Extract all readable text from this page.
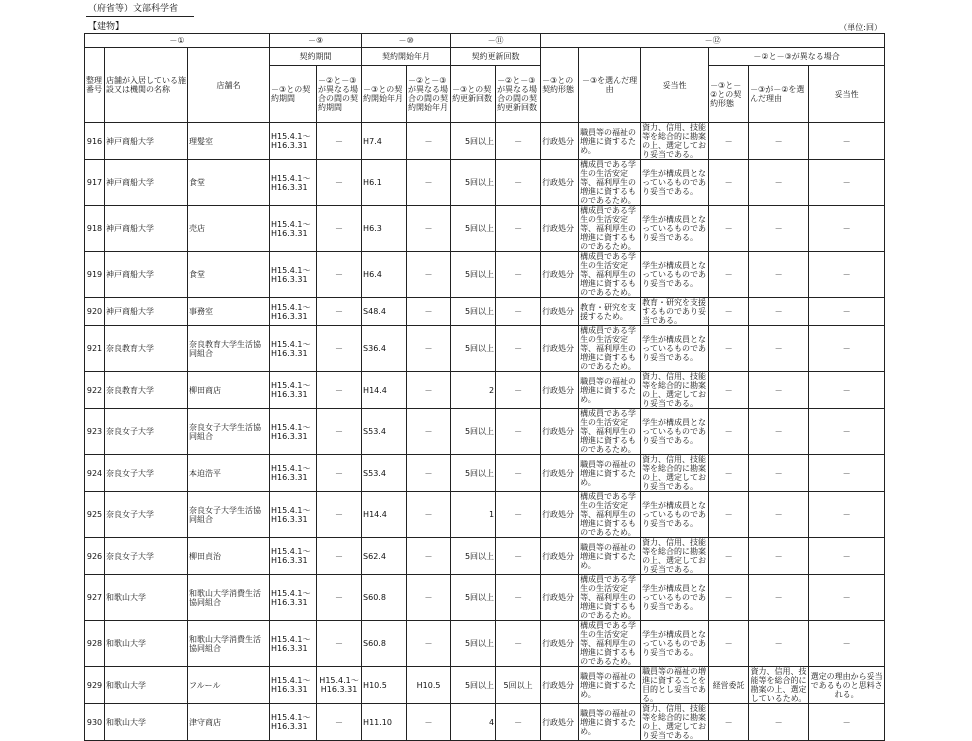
（府省等）文部科学省
【建物】	（単位:回）
－①			－⑨		－⑩		－⑪		－⑫					
整理番号	店舗が入居している施設又は機関の名称	店舗名	契約期間		契約開始年月		契約更新回数		－③との契約形態	－③を選んだ理由	妥当性	－②と－③が異なる場合		
			－③との契約期間	－②と－③が異なる場合の間の契約期間	－③との契約開始年月	－②と－③が異なる場合の間の契約開始年月	－③との契約更新回数	－②と－③が異なる場合の間の契約更新回数				－③と－②との契約形態	－③が－②を選んだ理由	妥当性
916	神戸商船大学	理髪室	H15.4.1～H16.3.31	－	H7.4	－	5回以上	－	行政処分	職員等の福祉の増進に資するため。	資力、信用、技能等を総合的に勘案の上、選定しており妥当である。	－	－	－
917	神戸商船大学	食堂	H15.4.1～H16.3.31	－	H6.1	－	5回以上	－	行政処分	構成員である学生の生活安定等、福利厚生の増進に資するものであるため。	学生が構成員となっているものであり妥当である。	－	－	－
918	神戸商船大学	売店	H15.4.1～H16.3.31	－	H6.3	－	5回以上	－	行政処分	構成員である学生の生活安定等、福利厚生の増進に資するものであるため。	学生が構成員となっているものであり妥当である。	－	－	－
919	神戸商船大学	食堂	H15.4.1～H16.3.31	－	H6.4	－	5回以上	－	行政処分	構成員である学生の生活安定等、福利厚生の増進に資するものであるため。	学生が構成員となっているものであり妥当である。	－	－	－
920	神戸商船大学	事務室	H15.4.1～H16.3.31	－	S48.4	－	5回以上	－	行政処分	教育・研究を支援するため。	教育・研究を支援するものであり妥当である。	－	－	－
921	奈良教育大学	奈良教育大学生活協同組合	H15.4.1～H16.3.31	－	S36.4	－	5回以上	－	行政処分	構成員である学生の生活安定等、福利厚生の増進に資するものであるため。	学生が構成員となっているものであり妥当である。	－	－	－
922	奈良教育大学	柳田商店	H15.4.1～H16.3.31	－	H14.4	－	2	－	行政処分	職員等の福祉の増進に資するため。	資力、信用、技能等を総合的に勘案の上、選定しており妥当である。	－	－	－
923	奈良女子大学	奈良女子大学生活協同組合	H15.4.1～H16.3.31	－	S53.4	－	5回以上	－	行政処分	構成員である学生の生活安定等、福利厚生の増進に資するものであるため。	学生が構成員となっているものであり妥当である。	－	－	－
924	奈良女子大学	本迫浩平	H15.4.1～H16.3.31	－	S53.4	－	5回以上	－	行政処分	職員等の福祉の増進に資するため。	資力、信用、技能等を総合的に勘案の上、選定しており妥当である。	－	－	－
925	奈良女子大学	奈良女子大学生活協同組合	H15.4.1～H16.3.31	－	H14.4	－	1	－	行政処分	構成員である学生の生活安定等、福利厚生の増進に資するものであるため。	学生が構成員となっているものであり妥当である。	－	－	－
926	奈良女子大学	柳田貞治	H15.4.1～H16.3.31	－	S62.4	－	5回以上	－	行政処分	職員等の福祉の増進に資するため。	資力、信用、技能等を総合的に勘案の上、選定しており妥当である。	－	－	－
927	和歌山大学	和歌山大学消費生活協同組合	H15.4.1～H16.3.31	－	S60.8	－	5回以上	－	行政処分	構成員である学生の生活安定等、福利厚生の増進に資するものであるため。	学生が構成員となっているものであり妥当である。	－	－	－
928	和歌山大学	和歌山大学消費生活協同組合	H15.4.1～H16.3.31	－	S60.8	－	5回以上	－	行政処分	構成員である学生の生活安定等、福利厚生の増進に資するものであるため。	学生が構成員となっているものであり妥当である。	－	－	－
929	和歌山大学	フルール	H15.4.1～H16.3.31	H15.4.1～H16.3.31	H10.5	H10.5	5回以上	5回以上	行政処分	職員等の福祉の増進に資するため。	職員等の福祉の増進に資することを目的とし妥当である。	経営委託	資力、信用、技能等を総合的に勘案の上、選定しているため。	選定の理由から妥当であるものと思料される。
930	和歌山大学	津守商店	H15.4.1～H16.3.31	－	H11.10	－	4	－	行政処分	職員等の福祉の増進に資するため。	資力、信用、技能等を総合的に勘案の上、選定しており妥当である。	－	－	－
